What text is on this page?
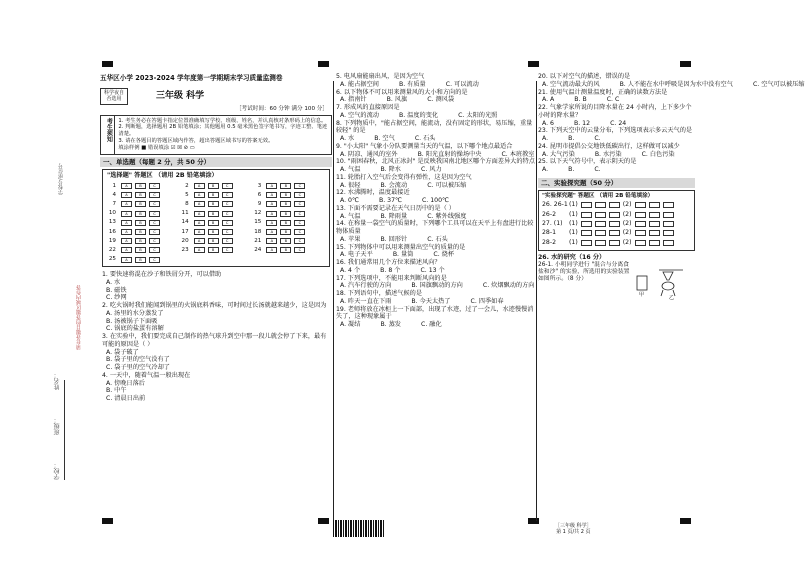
学校号/座位号
请在各题目的答题区域内作答
学校：
班级：
姓名：
五华区小学 2023-2024 学年度第一学期期末学习质量监测卷
科学夜自否选用	三年级 科学
［考试时间：60 分钟 满分 100 分］
考生须知	1. 考生务必在答题卡指定位置准确填写学校、班级、姓名，并认真核对条形码上的信息。
2. 判断题，选择题用 2B 铅笔填涂；其他题用 0.5 毫米黑色签字笔书写，字迹工整、笔迹清楚。
3. 请在各题目的答题区域内作答，超出答题区域书写的答案无效。
填涂样例 ■ 错误填涂 ☑ ☒ ⊘ ▭
一、单选题（每题 2 分，共 50 分）
"选择题" 答题区 （请用 2B 铅笔填涂）
1	A	B	C	2	A	B	C	3	A	B	C
4	A	B	C	5	A	B	C	6	A	B	C
7	A	B	C	8	A	B	C	9	A	B	C
10	A	B	C	11	A	B	C	12	A	B	C
13	A	B	C	14	A	B	C	15	A	B	C
16	A	B	C	17	A	B	C	18	A	B	C
19	A	B	C	20	A	B	C	21	A	B	C
22	A	B	C	23	A	B	C	24	A	B	C
25	A	B	C
1. 要快速将混在沙子和铁屑分开，可以借助
A. 水
B. 磁铁
C. 纱网
2. 吃火锅时我们能闻到锅里的火锅底料香味，可时间过长汤就越来越少，这是因为
A. 汤里的水分蒸发了
B. 汤被锅子下面吸
C. 锅底的盐蛋有溶解
3. 在实验中，我们要完成自己制作的热气球升到空中那一段儿就会停了下来，最有可能的原因是（ ）
A. 袋子破了
B. 袋子里的空气没有了
C. 袋子里的空气冷却了
4. 一天中，随着气温一般出现在
A. 傍晚日落后
B. 中午
C. 清晨日出前
5. 电风扇能扇出风，是因为空气
A. 能占据空间	B. 有质量	C. 可以流动
6. 以下物体不可以用来测量风的大小和方向的是
A. 指南针	B. 风旗	C. 测风袋
7. 形成风的直接原因是
A. 空气的流动	B. 温度的变化	C. 太阳的光照
8. 下列物质中，"能占据空间，能流动，没有固定的形状，易压缩，重量较轻" 的是
A. 水	B. 空气	C. 石头
9. "小太阳" 气象小分队要测量当天的气温，以下哪个地点最适合
A. 阴凉、通风的室外	B. 阳光直射的操场中央	C. 本班教室
10. "雨困春秋，北风正冰封" 是反映我国南北地区哪个方面差异大的特点
A. 气温	B. 降水	C. 风力
11. 轮胎打入空气后会变得有弹性，这是因为空气
A. 很轻	B. 会流动	C. 可以被压缩
12. 水沸腾时，温度最接近
A. 0℃	B. 37℃	C. 100℃
13. 下面不需要记录在天气日历中的是（ ）
A. 气温	B. 降雨量	C. 紫外线强度
14. 在称量一袋空气的质量时，下列哪个工具可以在天平上有盘进行比较物体质量
A. 苹果	B. 回形针	C. 石头
15. 下列物体中可以用来测量出空气的质量的是
A. 电子天平	B. 量筒	C. 烧杯
16. 我们通常用几个方位来描述风向？
A. 4 个	B. 8 个	C. 13 个
17. 下列选项中，不能用来判断风向的是
A. 汽车行驶的方向	B. 国旗飘动的方向	C. 炊烟飘动的方向
18. 下列语句中，描述气候的是
A. 昨天一直在下雨	B. 今天太热了	C. 四季如春
19. 老师将放在冰柜上一下面部，出现了水迹，过了一会儿，水迹慢慢消失了，这种现象属于
A. 凝结	B. 蒸发	C. 融化
20. 以下对空气的描述，错误的是
A. 空气流动最大的风	B. 人不能在水中呼吸是因为水中没有空气	C. 空气可以被压缩
21. 使用气温计测量温度时，正确的读数方法是
A. A	B. B	C. C
22. 气象学家所说的目降水量在 24 小时内，上下多少个小时的降水量？
A. 6	B. 12	C. 24
23. 下列天空中的云量分布，下列选项表示多云天气的是
A.	B.	C.
24. 昆明市提倡公交地铁低碳出行，这样做可以减少
A. 大气污染	B. 水污染	C. 白色污染
25. 以下天气符号中，表示阴天的是
A.	B.	C.
二、实验探究题（50 分）
"实验探究题" 答题区 （请用 2B 铅笔填涂）
26. 26-1 (1)	(2)
26-2	(1)	(2)
27. (1)	(1)	(2)
28-1	(1)	(2)
28-2	(1)	(2)
26. 水的研究（16 分）
26-1. 小明同学进行 "混合与分离食盐和沙" 的实验，所选用的实验装置如图所示。（8 分）
甲	乙
［三年级 科学］
第 1 页/共 2 页
